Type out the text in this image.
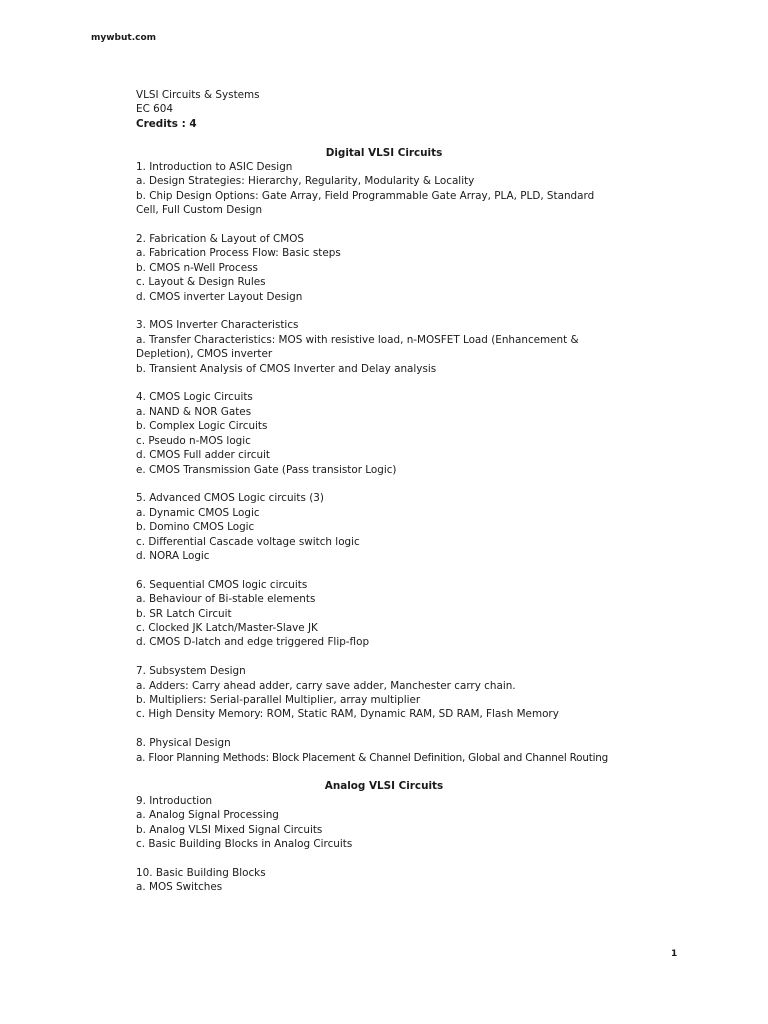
mywbut.com
VLSI Circuits & Systems
EC 604
Credits : 4
Digital VLSI Circuits
1. Introduction to ASIC Design
a. Design Strategies: Hierarchy, Regularity, Modularity & Locality
b. Chip Design Options: Gate Array, Field Programmable Gate Array, PLA, PLD, Standard Cell, Full Custom Design
2. Fabrication & Layout of CMOS
a. Fabrication Process Flow: Basic steps
b. CMOS n-Well Process
c. Layout & Design Rules
d. CMOS inverter Layout Design
3. MOS Inverter Characteristics
a. Transfer Characteristics: MOS with resistive load, n-MOSFET Load (Enhancement & Depletion), CMOS inverter
b. Transient Analysis of CMOS Inverter and Delay analysis
4. CMOS Logic Circuits
a. NAND & NOR Gates
b. Complex Logic Circuits
c. Pseudo n-MOS logic
d. CMOS Full adder circuit
e. CMOS Transmission Gate (Pass transistor Logic)
5. Advanced CMOS Logic circuits (3)
a. Dynamic CMOS Logic
b. Domino CMOS Logic
c. Differential Cascade voltage switch logic
d. NORA Logic
6. Sequential CMOS logic circuits
a. Behaviour of Bi-stable elements
b. SR Latch Circuit
c. Clocked JK Latch/Master-Slave JK
d. CMOS D-latch and edge triggered Flip-flop
7. Subsystem Design
a. Adders: Carry ahead adder, carry save adder, Manchester carry chain.
b. Multipliers: Serial-parallel Multiplier, array multiplier
c. High Density Memory: ROM, Static RAM, Dynamic RAM, SD RAM, Flash Memory
8. Physical Design
a. Floor Planning Methods: Block Placement & Channel Definition, Global and Channel Routing
Analog VLSI Circuits
9. Introduction
a. Analog Signal Processing
b. Analog VLSI Mixed Signal Circuits
c. Basic Building Blocks in Analog Circuits
10. Basic Building Blocks
a. MOS Switches
1
